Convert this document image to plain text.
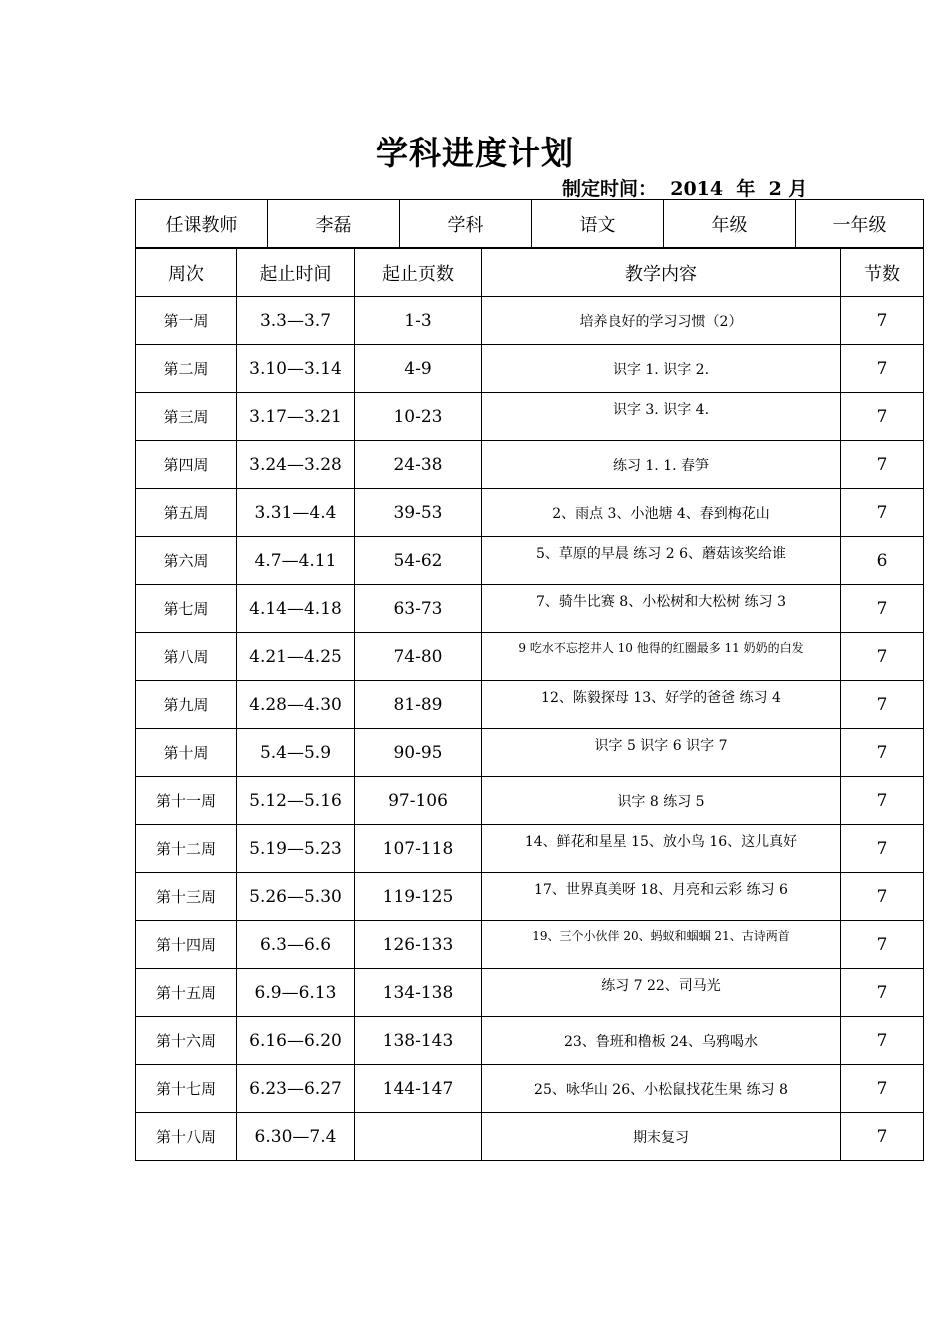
学科进度计划
制定时间：  2014  年  2 月
任课教师	李磊	学科	语文	年级	一年级
周次	起止时间	起止页数	教学内容	节数
第一周	3.3—3.7	1-3	培养良好的学习习惯（2）	7
第二周	3.10—3.14	4-9	识字 1. 识字 2.	7
第三周	3.17—3.21	10-23	识字 3. 识字 4.	7
第四周	3.24—3.28	24-38	练习 1. 1. 春笋	7
第五周	3.31—4.4	39-53	2、雨点 3、小池塘 4、春到梅花山	7
第六周	4.7—4.11	54-62	5、草原的早晨 练习 2 6、蘑菇该奖给谁	6
第七周	4.14—4.18	63-73	7、骑牛比赛 8、小松树和大松树 练习 3	7
第八周	4.21—4.25	74-80	9 吃水不忘挖井人 10 他得的红圈最多 11 奶奶的白发	7
第九周	4.28—4.30	81-89	12、陈毅探母 13、好学的爸爸 练习 4	7
第十周	5.4—5.9	90-95	识字 5 识字 6 识字 7	7
第十一周	5.12—5.16	97-106	识字 8 练习 5	7
第十二周	5.19—5.23	107-118	14、鲜花和星星 15、放小鸟 16、这儿真好	7
第十三周	5.26—5.30	119-125	17、世界真美呀 18、月亮和云彩 练习 6	7
第十四周	6.3—6.6	126-133	19、三个小伙伴 20、蚂蚁和蝈蝈 21、古诗两首	7
第十五周	6.9—6.13	134-138	练习 7 22、司马光	7
第十六周	6.16—6.20	138-143	23、鲁班和橹板 24、乌鸦喝水	7
第十七周	6.23—6.27	144-147	25、咏华山 26、小松鼠找花生果 练习 8	7
第十八周	6.30—7.4		期末复习	7
